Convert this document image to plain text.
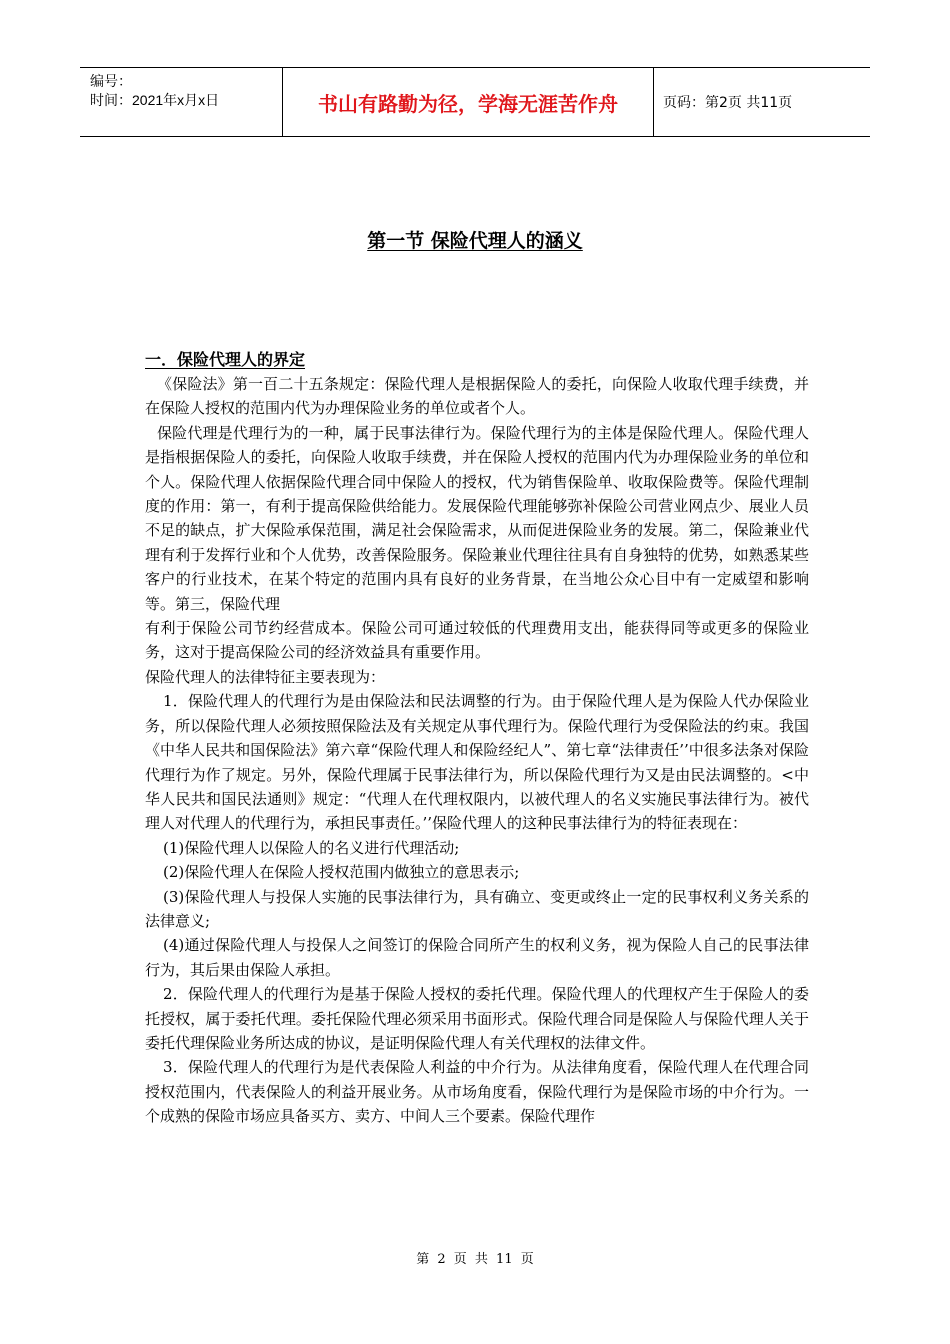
编号：
时间：2021年x月x日	书山有路勤为径，学海无涯苦作舟	页码：第2页 共11页
第一节 保险代理人的涵义
一．保险代理人的界定

《保险法》第一百二十五条规定：保险代理人是根据保险人的委托，向保险人收取代理手续费，并在保险人授权的范围内代为办理保险业务的单位或者个人。

保险代理是代理行为的一种，属于民事法律行为。保险代理行为的主体是保险代理人。保险代理人是指根据保险人的委托，向保险人收取手续费，并在保险人授权的范围内代为办理保险业务的单位和个人。保险代理人依据保险代理合同中保险人的授权，代为销售保险单、收取保险费等。保险代理制度的作用：第一，有利于提高保险供给能力。发展保险代理能够弥补保险公司营业网点少、展业人员不足的缺点，扩大保险承保范围，满足社会保险需求，从而促进保险业务的发展。第二，保险兼业代理有利于发挥行业和个人优势，改善保险服务。保险兼业代理往往具有自身独特的优势，如熟悉某些客户的行业技术，在某个特定的范围内具有良好的业务背景，在当地公众心目中有一定威望和影响等。第三，保险代理

有利于保险公司节约经营成本。保险公司可通过较低的代理费用支出，能获得同等或更多的保险业务，这对于提高保险公司的经济效益具有重要作用。

保险代理人的法律特征主要表现为：

1．保险代理人的代理行为是由保险法和民法调整的行为。由于保险代理人是为保险人代办保险业务，所以保险代理人必须按照保险法及有关规定从事代理行为。保险代理行为受保险法的约束。我国《中华人民共和国保险法》第六章“保险代理人和保险经纪人”、第七章“法律责任’’中很多法条对保险代理行为作了规定。另外，保险代理属于民事法律行为，所以保险代理行为又是由民法调整的。<中华人民共和国民法通则》规定：“代理人在代理权限内，以被代理人的名义实施民事法律行为。被代理人对代理人的代理行为，承担民事责任。’’保险代理人的这种民事法律行为的特征表现在：

(1)保险代理人以保险人的名义进行代理活动;

(2)保险代理人在保险人授权范围内做独立的意思表示;

(3)保险代理人与投保人实施的民事法律行为，具有确立、变更或终止一定的民事权利义务关系的法律意义;

(4)通过保险代理人与投保人之间签订的保险合同所产生的权利义务，视为保险人自己的民事法律行为，其后果由保险人承担。

2．保险代理人的代理行为是基于保险人授权的委托代理。保险代理人的代理权产生于保险人的委托授权，属于委托代理。委托保险代理必须采用书面形式。保险代理合同是保险人与保险代理人关于委托代理保险业务所达成的协议，是证明保险代理人有关代理权的法律文件。

3．保险代理人的代理行为是代表保险人利益的中介行为。从法律角度看，保险代理人在代理合同授权范围内，代表保险人的利益开展业务。从市场角度看，保险代理行为是保险市场的中介行为。一个成熟的保险市场应具备买方、卖方、中间人三个要素。保险代理作

第 2 页 共 11 页
